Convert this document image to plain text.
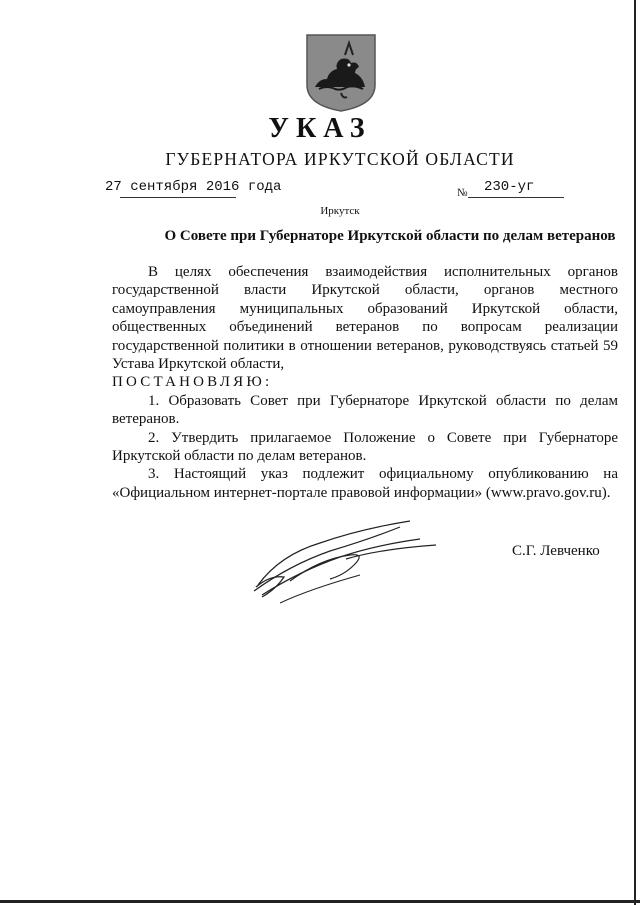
УКАЗ
ГУБЕРНАТОРА ИРКУТСКОЙ ОБЛАСТИ
27 сентября 2016 года	№ 230-уг
Иркутск
О Совете при Губернаторе Иркутской области по делам ветеранов

В целях обеспечения взаимодействия исполнительных органов государственной власти Иркутской области, органов местного самоуправления муниципальных образований Иркутской области, общественных объединений ветеранов по вопросам реализации государственной политики в отношении ветеранов, руководствуясь статьей 59 Устава Иркутской области,

ПОСТАНОВЛЯЮ:

1. Образовать Совет при Губернаторе Иркутской области по делам ветеранов.

2. Утвердить прилагаемое Положение о Совете при Губернаторе Иркутской области по делам ветеранов.

3. Настоящий указ подлежит официальному опубликованию на «Официальном интернет-портале правовой информации» (www.pravo.gov.ru).

С.Г. Левченко
